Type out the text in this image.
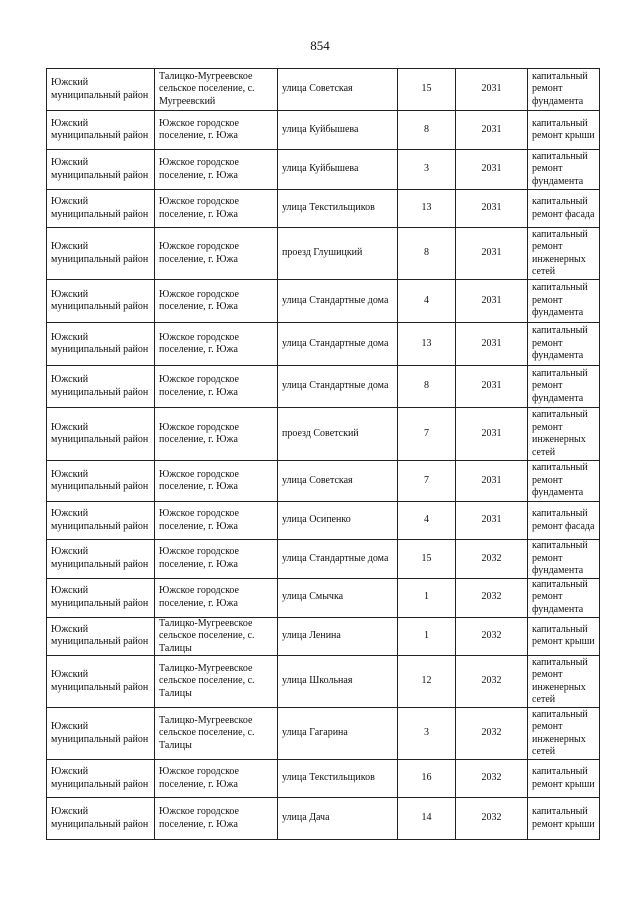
854
Южский муниципальный район	Талицко-Мугреевское сельское поселение, с. Мугреевский	улица Советская	15	2031	капитальный ремонт фундамента
Южский муниципальный район	Южское городское поселение, г. Южа	улица Куйбышева	8	2031	капитальный ремонт крыши
Южский муниципальный район	Южское городское поселение, г. Южа	улица Куйбышева	3	2031	капитальный ремонт фундамента
Южский муниципальный район	Южское городское поселение, г. Южа	улица Текстильщиков	13	2031	капитальный ремонт фасада
Южский муниципальный район	Южское городское поселение, г. Южа	проезд Глушицкий	8	2031	капитальный ремонт инженерных сетей
Южский муниципальный район	Южское городское поселение, г. Южа	улица Стандартные дома	4	2031	капитальный ремонт фундамента
Южский муниципальный район	Южское городское поселение, г. Южа	улица Стандартные дома	13	2031	капитальный ремонт фундамента
Южский муниципальный район	Южское городское поселение, г. Южа	улица Стандартные дома	8	2031	капитальный ремонт фундамента
Южский муниципальный район	Южское городское поселение, г. Южа	проезд Советский	7	2031	капитальный ремонт инженерных сетей
Южский муниципальный район	Южское городское поселение, г. Южа	улица Советская	7	2031	капитальный ремонт фундамента
Южский муниципальный район	Южское городское поселение, г. Южа	улица Осипенко	4	2031	капитальный ремонт фасада
Южский муниципальный район	Южское городское поселение, г. Южа	улица Стандартные дома	15	2032	капитальный ремонт фундамента
Южский муниципальный район	Южское городское поселение, г. Южа	улица Смычка	1	2032	капитальный ремонт фундамента
Южский муниципальный район	Талицко-Мугреевское сельское поселение, с. Талицы	улица Ленина	1	2032	капитальный ремонт крыши
Южский муниципальный район	Талицко-Мугреевское сельское поселение, с. Талицы	улица Школьная	12	2032	капитальный ремонт инженерных сетей
Южский муниципальный район	Талицко-Мугреевское сельское поселение, с. Талицы	улица Гагарина	3	2032	капитальный ремонт инженерных сетей
Южский муниципальный район	Южское городское поселение, г. Южа	улица Текстильщиков	16	2032	капитальный ремонт крыши
Южский муниципальный район	Южское городское поселение, г. Южа	улица Дача	14	2032	капитальный ремонт крыши
